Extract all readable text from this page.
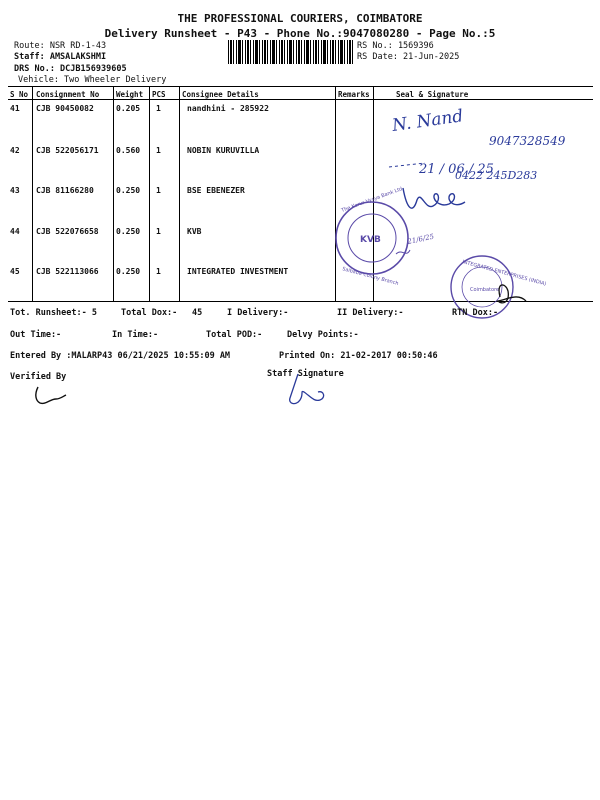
THE PROFESSIONAL COURIERS, COIMBATORE
Delivery Runsheet - P43 - Phone No.:9047080280 - Page No.:5
Route: NSR RD-1-43
Staff: AMSALAKSHMI
DRS No.: DCJB156939605
Vehicle: Two Wheeler Delivery
RS No.: 1569396
RS Date: 21-Jun-2025
S No Consignment No Weight PCS Consignee Details	Remarks	Seal & Signature
41 CJB 90450082	0.205 1	nandhini - 285922
42 CJB 522056171 0.560 1	NOBIN KURUVILLA
43 CJB 81166280	0.250 1	BSE EBENEZER
44 CJB 522076658 0.250 1	KVB
45 CJB 522113066 0.250 1	INTEGRATED INVESTMENT
N. Nand
9047328549
21 / 06 / 25
0422 245D283
KVB
The Karur Vysya Bank Ltd
Saibaba Colony Branch
21/6/25
INTEGRATED ENTERPRISES (INDIA)
Coimbatore
Tot. Runsheet:- 5	Total Dox:- 45	I Delivery:-	II Delivery:-	RTN Dox:-
Out Time:-	In Time:-	Total POD:-	Delvy Points:-
Entered By :MALARP43 06/21/2025 10:55:09 AM	Printed On: 21-02-2017 00:50:46
Verified By	Staff Signature
